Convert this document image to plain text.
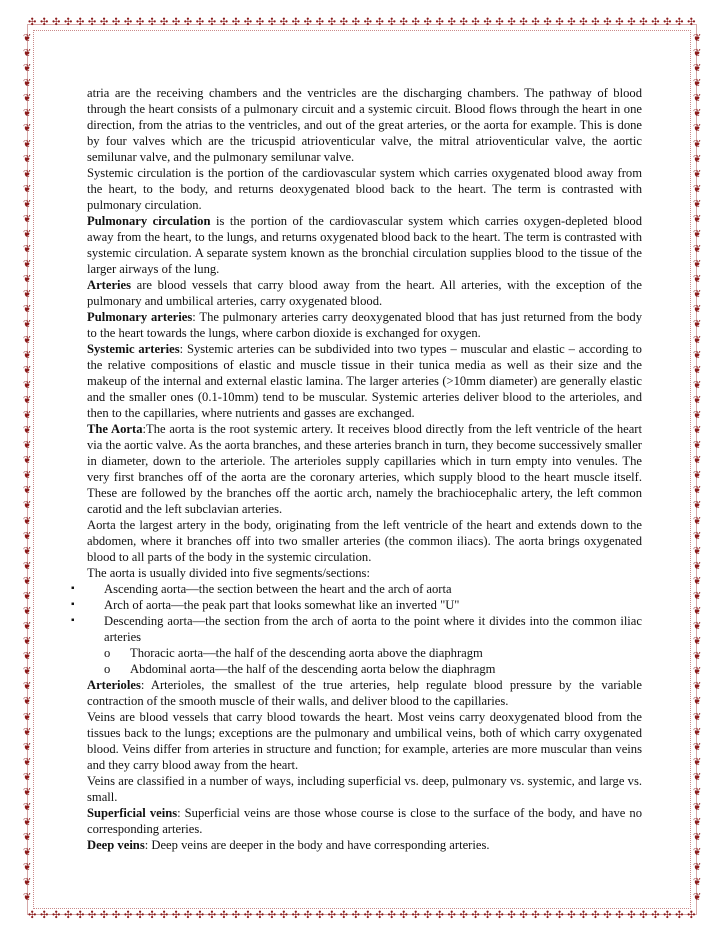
✣ ✣ ✣ ✣ ✣ ✣ ✣ ✣ ✣ ✣ ✣ ✣ ✣ ✣ ✣ ✣ ✣ ✣ ✣ ✣ ✣ ✣ ✣ ✣ ✣ ✣ ✣ ✣ ✣ ✣ ✣ ✣ ✣ ✣ ✣ ✣ ✣ ✣ ✣ ✣ ✣ ✣ ✣ ✣ ✣ ✣ ✣ ✣ ✣ ✣ ✣ ✣ ✣ ✣ ✣ ✣
✣ ✣ ✣ ✣ ✣ ✣ ✣ ✣ ✣ ✣ ✣ ✣ ✣ ✣ ✣ ✣ ✣ ✣ ✣ ✣ ✣ ✣ ✣ ✣ ✣ ✣ ✣ ✣ ✣ ✣ ✣ ✣ ✣ ✣ ✣ ✣ ✣ ✣ ✣ ✣ ✣ ✣ ✣ ✣ ✣ ✣ ✣ ✣ ✣ ✣ ✣ ✣ ✣ ✣ ✣ ✣
❦
❦
❦
❦
❦
❦
❦
❦
❦
❦
❦
❦
❦
❦
❦
❦
❦
❦
❦
❦
❦
❦
❦
❦
❦
❦
❦
❦
❦
❦
❦
❦
❦
❦
❦
❦
❦
❦
❦
❦
❦
❦
❦
❦
❦
❦
❦
❦
❦
❦
❦
❦
❦
❦
❦
❦
❦
❦
❦
❦
❦
❦
❦
❦
❦
❦
❦
❦
❦
❦
❦
❦
❦
❦
❦
❦
❦
❦
❦
❦
❦
❦
❦
❦
❦
❦
❦
❦
❦
❦
❦
❦
❦
❦
❦
❦
❦
❦
❦
❦
❦
❦
❦
❦
❦
❦
❦
❦
❦
❦
❦
❦
❦
❦
❦
❦

atria are the receiving chambers and the ventricles are the discharging chambers. The pathway of blood through the heart consists of a pulmonary circuit and a systemic circuit. Blood flows through the heart in one direction, from the atrias to the ventricles, and out of the great arteries, or the aorta for example. This is done by four valves which are the tricuspid atrioventicular valve, the mitral atrioventicular valve, the aortic semilunar valve, and the pulmonary semilunar valve.

Systemic circulation is the portion of the cardiovascular system which carries oxygenated blood away from the heart, to the body, and returns deoxygenated blood back to the heart. The term is contrasted with pulmonary circulation.

Pulmonary circulation is the portion of the cardiovascular system which carries oxygen-depleted blood away from the heart, to the lungs, and returns oxygenated blood back to the heart. The term is contrasted with systemic circulation. A separate system known as the bronchial circulation supplies blood to the tissue of the larger airways of the lung.

Arteries are blood vessels that carry blood away from the heart. All arteries, with the exception of the pulmonary and umbilical arteries, carry oxygenated blood.

Pulmonary arteries: The pulmonary arteries carry deoxygenated blood that has just returned from the body to the heart towards the lungs, where carbon dioxide is exchanged for oxygen.

Systemic arteries: Systemic arteries can be subdivided into two types – muscular and elastic – according to the relative compositions of elastic and muscle tissue in their tunica media as well as their size and the makeup of the internal and external elastic lamina. The larger arteries (>10mm diameter) are generally elastic and the smaller ones (0.1-10mm) tend to be muscular. Systemic arteries deliver blood to the arterioles, and then to the capillaries, where nutrients and gasses are exchanged.

The Aorta:The aorta is the root systemic artery. It receives blood directly from the left ventricle of the heart via the aortic valve. As the aorta branches, and these arteries branch in turn, they become successively smaller in diameter, down to the arteriole. The arterioles supply capillaries which in turn empty into venules. The very first branches off of the aorta are the coronary arteries, which supply blood to the heart muscle itself. These are followed by the branches off the aortic arch, namely the brachiocephalic artery, the left common carotid and the left subclavian arteries.

Aorta the largest artery in the body, originating from the left ventricle of the heart and extends down to the abdomen, where it branches off into two smaller arteries (the common iliacs). The aorta brings oxygenated blood to all parts of the body in the systemic circulation.

The aorta is usually divided into five segments/sections:

▪ Ascending aorta—the section between the heart and the arch of aorta
▪ Arch of aorta—the peak part that looks somewhat like an inverted "U"
▪ Descending aorta—the section from the arch of aorta to the point where it divides into the common iliac arteries
o Thoracic aorta—the half of the descending aorta above the diaphragm
o Abdominal aorta—the half of the descending aorta below the diaphragm

Arterioles: Arterioles, the smallest of the true arteries, help regulate blood pressure by the variable contraction of the smooth muscle of their walls, and deliver blood to the capillaries.

Veins are blood vessels that carry blood towards the heart. Most veins carry deoxygenated blood from the tissues back to the lungs; exceptions are the pulmonary and umbilical veins, both of which carry oxygenated blood. Veins differ from arteries in structure and function; for example, arteries are more muscular than veins and they carry blood away from the heart.

Veins are classified in a number of ways, including superficial vs. deep, pulmonary vs. systemic, and large vs. small.

Superficial veins: Superficial veins are those whose course is close to the surface of the body, and have no corresponding arteries.

Deep veins: Deep veins are deeper in the body and have corresponding arteries.
